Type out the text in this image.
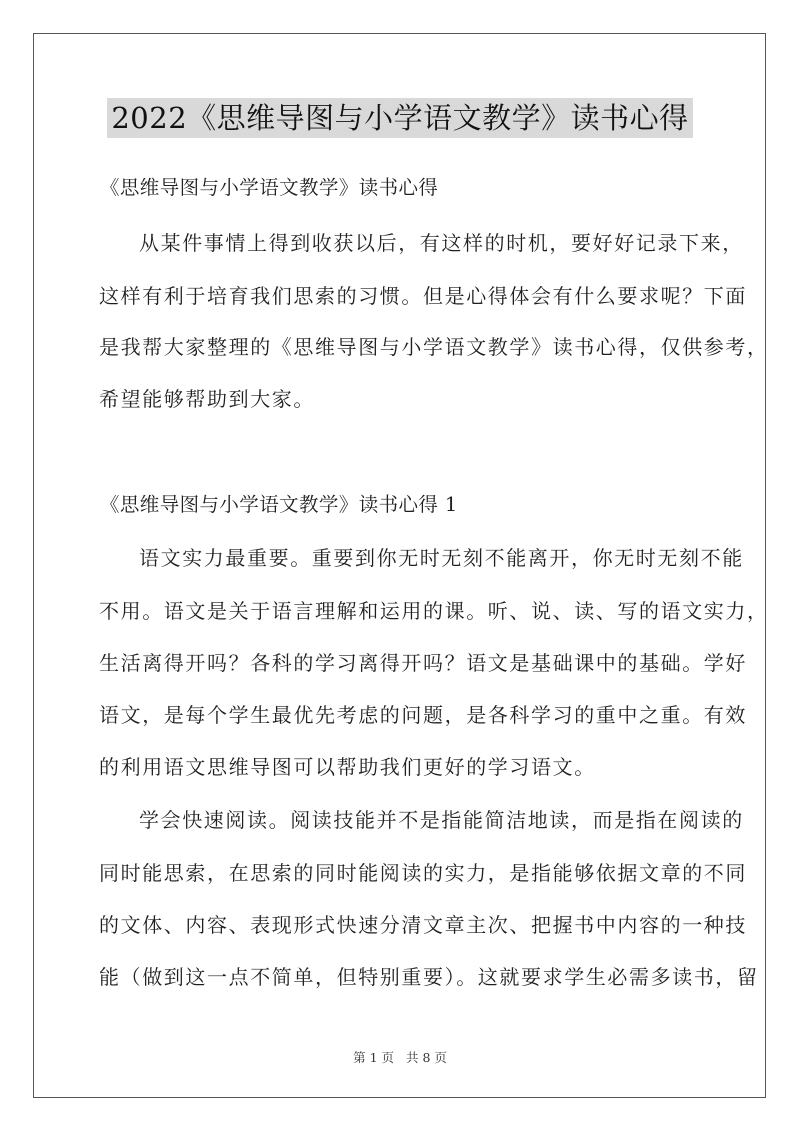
2022《思维导图与小学语文教学》读书心得
《思维导图与小学语文教学》读书心得
从某件事情上得到收获以后，有这样的时机，要好好记录下来，
这样有利于培育我们思索的习惯。但是心得体会有什么要求呢？下面
是我帮大家整理的《思维导图与小学语文教学》读书心得，仅供参考，
希望能够帮助到大家。
《思维导图与小学语文教学》读书心得 1
语文实力最重要。重要到你无时无刻不能离开，你无时无刻不能
不用。语文是关于语言理解和运用的课。听、说、读、写的语文实力，
生活离得开吗？各科的学习离得开吗？语文是基础课中的基础。学好
语文，是每个学生最优先考虑的问题，是各科学习的重中之重。有效
的利用语文思维导图可以帮助我们更好的学习语文。
学会快速阅读。阅读技能并不是指能简洁地读，而是指在阅读的
同时能思索，在思索的同时能阅读的实力，是指能够依据文章的不同
的文体、内容、表现形式快速分清文章主次、把握书中内容的一种技
能（做到这一点不简单，但特别重要）。这就要求学生必需多读书，留
第 1 页 共 8 页
